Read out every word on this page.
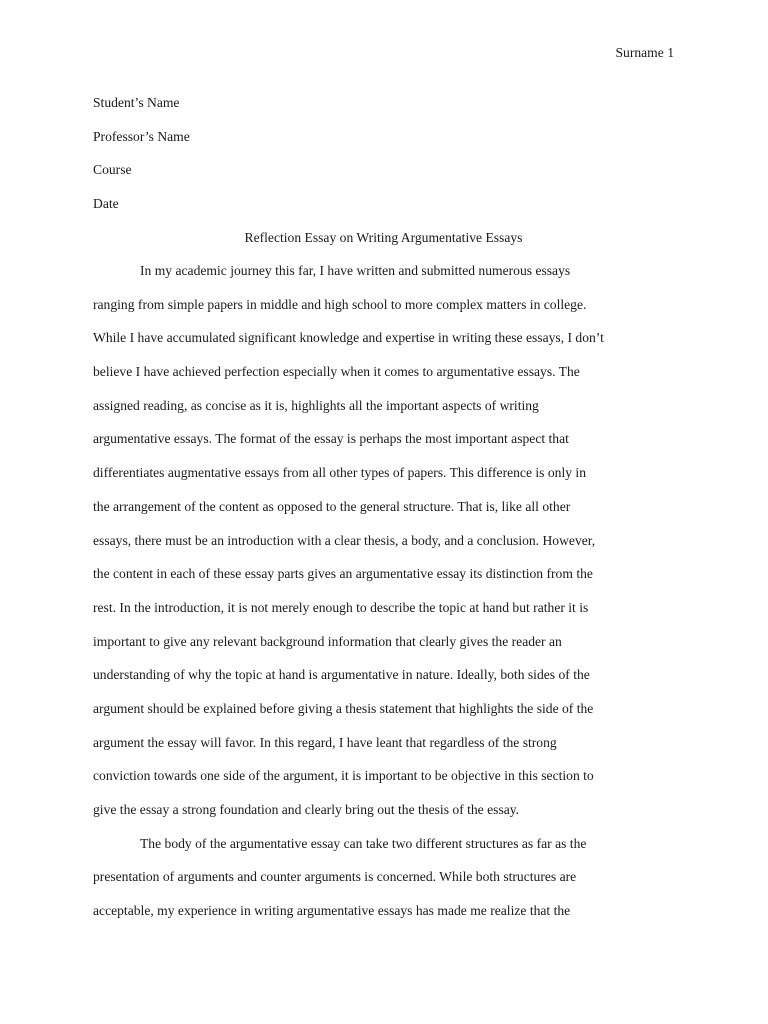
Surname 1
Student’s Name
Professor’s Name
Course
Date
Reflection Essay on Writing Argumentative Essays
In my academic journey this far, I have written and submitted numerous essays
ranging from simple papers in middle and high school to more complex matters in college.
While I have accumulated significant knowledge and expertise in writing these essays, I don’t
believe I have achieved perfection especially when it comes to argumentative essays. The
assigned reading, as concise as it is, highlights all the important aspects of writing
argumentative essays. The format of the essay is perhaps the most important aspect that
differentiates augmentative essays from all other types of papers. This difference is only in
the arrangement of the content as opposed to the general structure. That is, like all other
essays, there must be an introduction with a clear thesis, a body, and a conclusion. However,
the content in each of these essay parts gives an argumentative essay its distinction from the
rest. In the introduction, it is not merely enough to describe the topic at hand but rather it is
important to give any relevant background information that clearly gives the reader an
understanding of why the topic at hand is argumentative in nature. Ideally, both sides of the
argument should be explained before giving a thesis statement that highlights the side of the
argument the essay will favor. In this regard, I have leant that regardless of the strong
conviction towards one side of the argument, it is important to be objective in this section to
give the essay a strong foundation and clearly bring out the thesis of the essay.
The body of the argumentative essay can take two different structures as far as the
presentation of arguments and counter arguments is concerned. While both structures are
acceptable, my experience in writing argumentative essays has made me realize that the
